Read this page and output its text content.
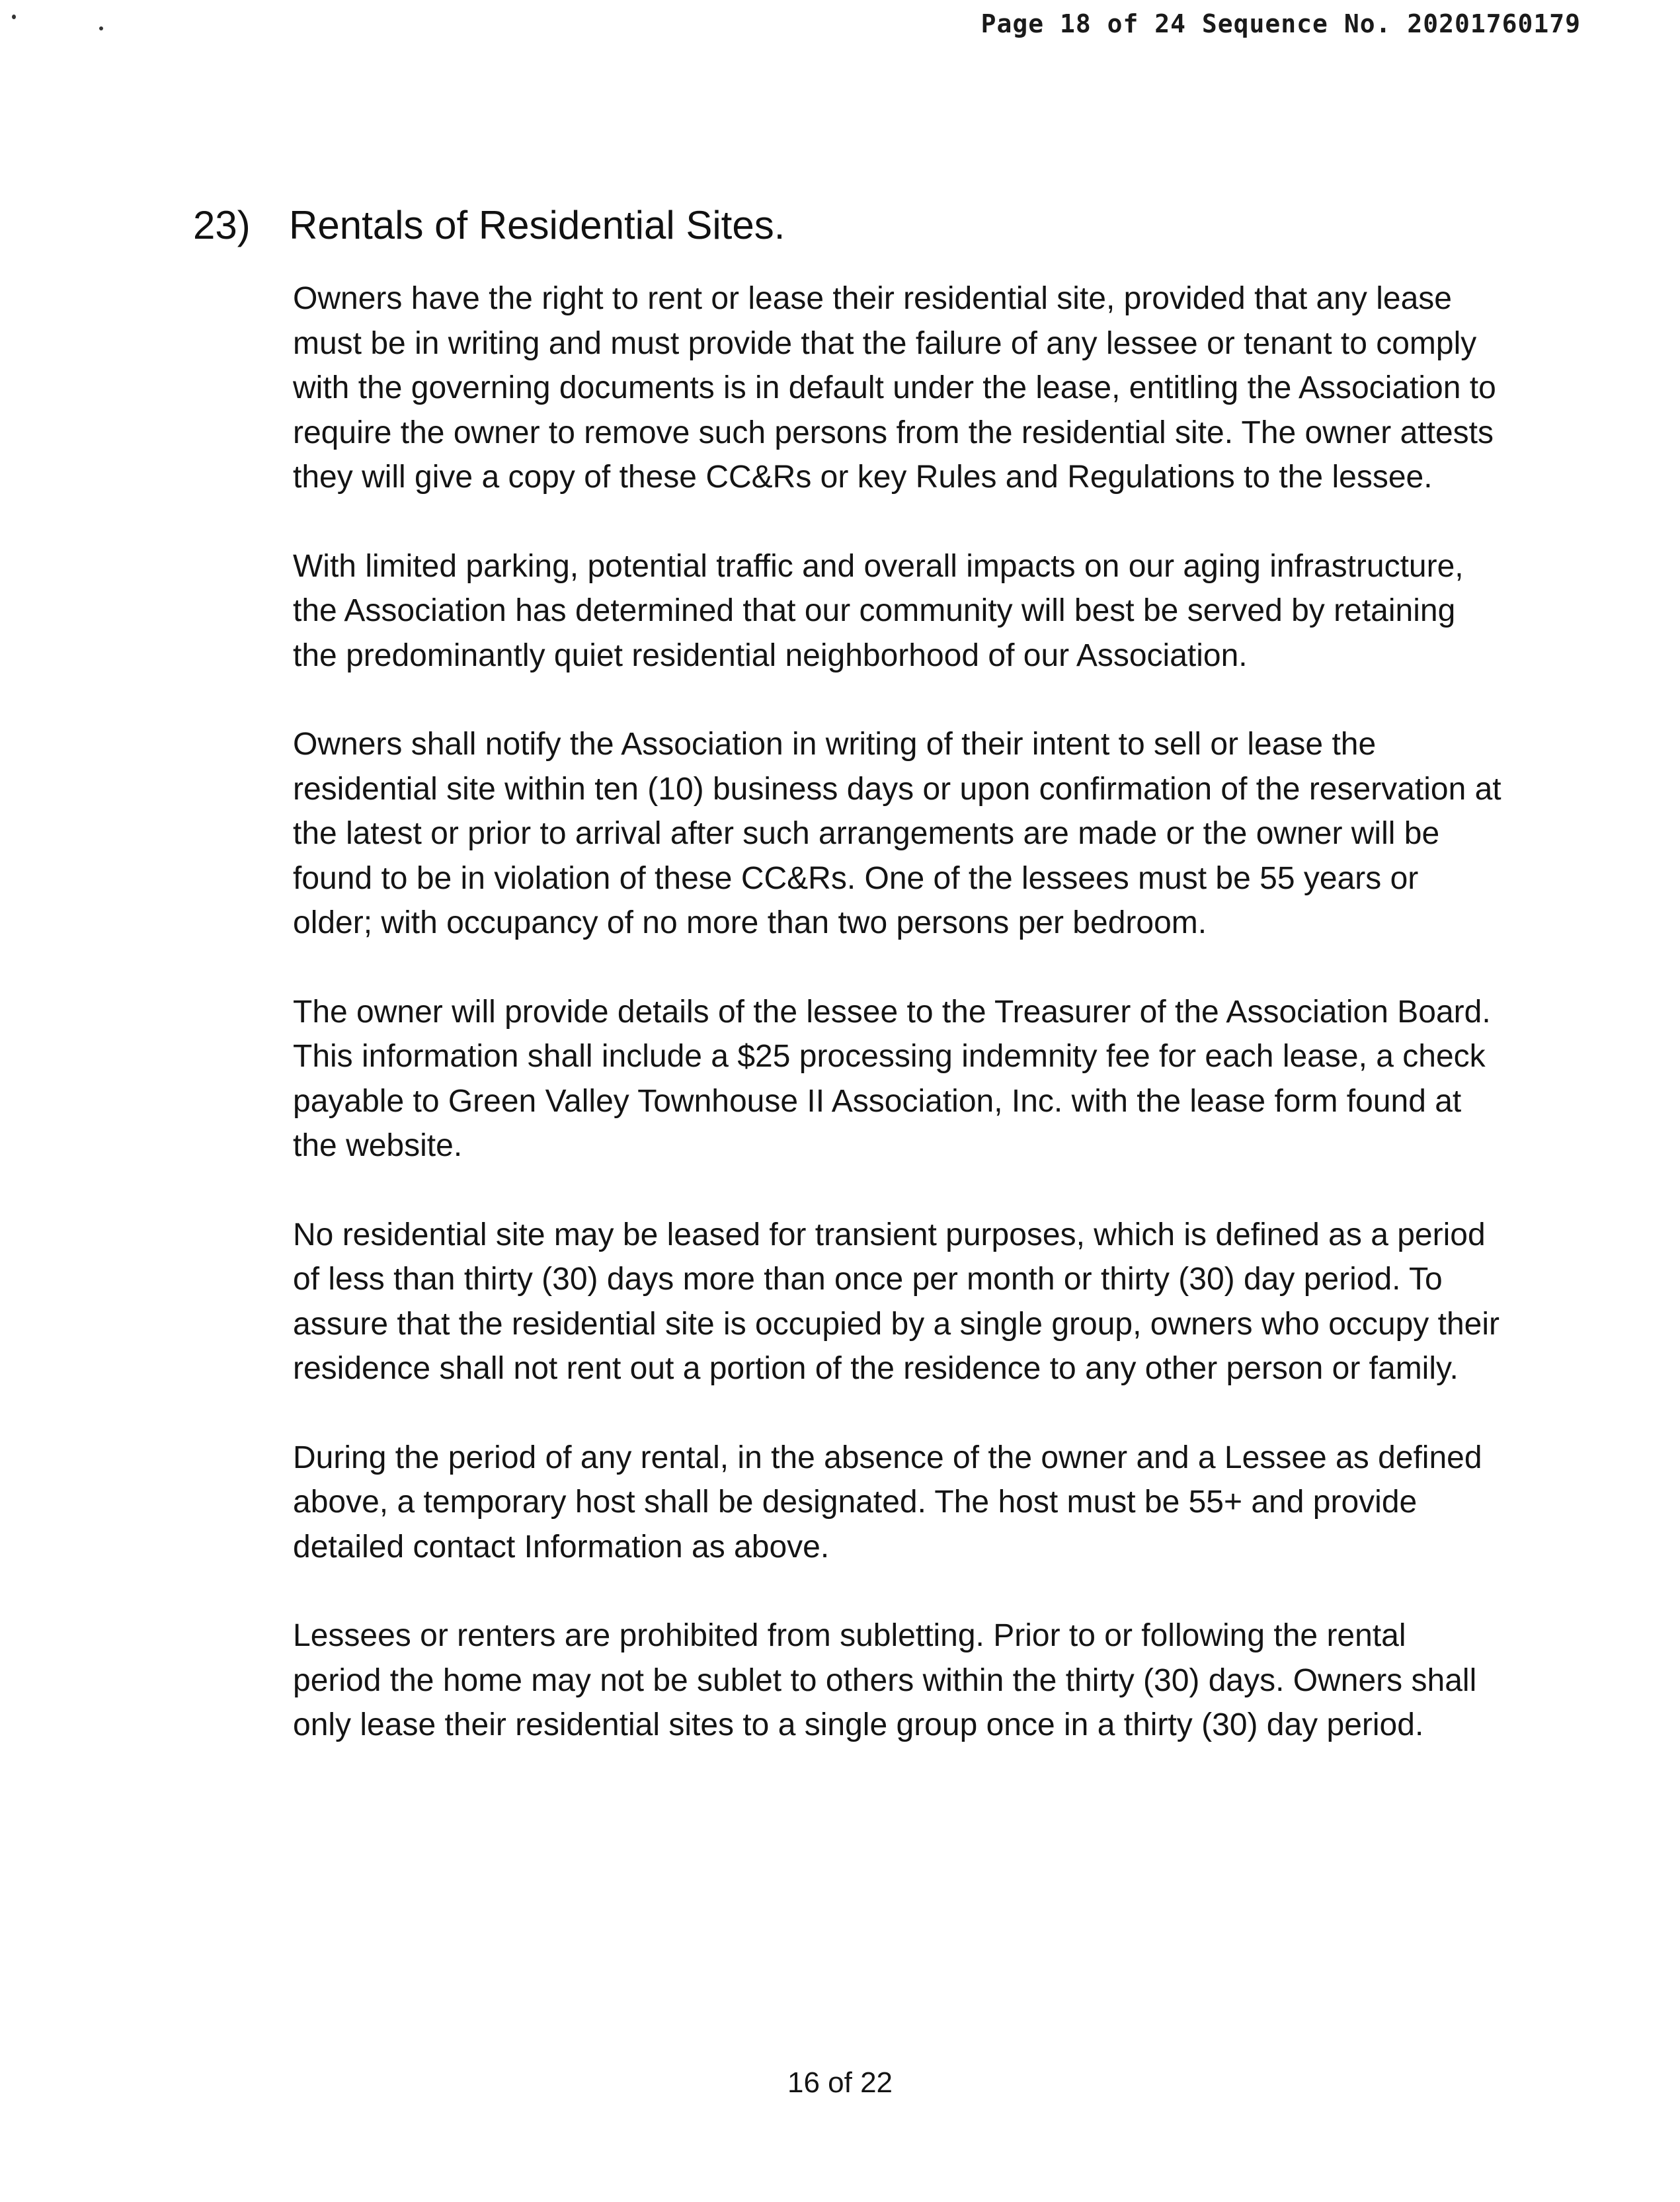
Page 18 of 24 Sequence No. 20201760179
23) Rentals of Residential Sites.

Owners have the right to rent or lease their residential site, provided that any lease must be in writing and must provide that the failure of any lessee or tenant to comply with the governing documents is in default under the lease, entitling the Association to require the owner to remove such persons from the residential site. The owner attests they will give a copy of these CC&Rs or key Rules and Regulations to the lessee.

With limited parking, potential traffic and overall impacts on our aging infrastructure, the Association has determined that our community will best be served by retaining the predominantly quiet residential neighborhood of our Association.

Owners shall notify the Association in writing of their intent to sell or lease the residential site within ten (10) business days or upon confirmation of the reservation at the latest or prior to arrival after such arrangements are made or the owner will be found to be in violation of these CC&Rs. One of the lessees must be 55 years or older; with occupancy of no more than two persons per bedroom.

The owner will provide details of the lessee to the Treasurer of the Association Board. This information shall include a $25 processing indemnity fee for each lease, a check payable to Green Valley Townhouse II Association, Inc. with the lease form found at the website.

No residential site may be leased for transient purposes, which is defined as a period of less than thirty (30) days more than once per month or thirty (30) day period. To assure that the residential site is occupied by a single group, owners who occupy their residence shall not rent out a portion of the residence to any other person or family.

During the period of any rental, in the absence of the owner and a Lessee as defined above, a temporary host shall be designated. The host must be 55+ and provide detailed contact Information as above.

Lessees or renters are prohibited from subletting. Prior to or following the rental period the home may not be sublet to others within the thirty (30) days. Owners shall only lease their residential sites to a single group once in a thirty (30) day period.

16 of 22
